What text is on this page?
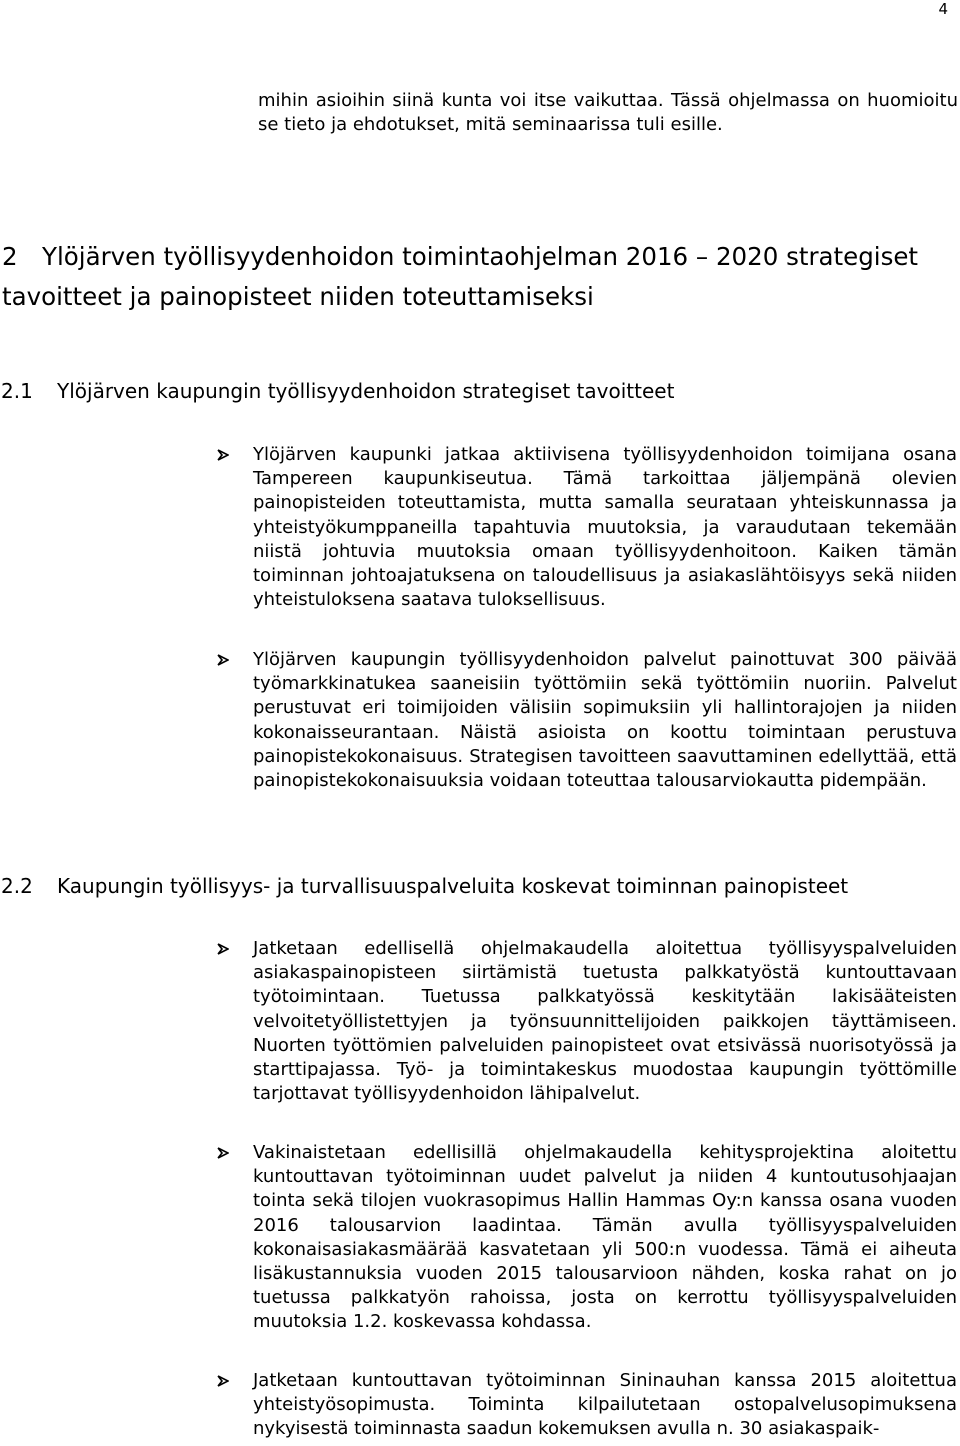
4
mihin asioihin siinä kunta voi itse vaikuttaa. Tässä ohjelmassa on huomioitu se tieto ja ehdotukset, mitä seminaarissa tuli esille.
2 Ylöjärven työllisyydenhoidon toimintaohjelman 2016 – 2020 strategiset tavoitteet ja painopisteet niiden toteuttamiseksi
2.1 Ylöjärven kaupungin työllisyydenhoidon strategiset tavoitteet
Ylöjärven kaupunki jatkaa aktiivisena työllisyydenhoidon toimijana osana Tampereen kaupunkiseutua. Tämä tarkoittaa jäljempänä olevien painopisteiden toteuttamista, mutta samalla seurataan yhteiskunnassa ja yhteistyökumppaneilla tapahtuvia muutoksia, ja varaudutaan tekemään niistä johtuvia muutoksia omaan työllisyydenhoitoon. Kaiken tämän toiminnan johtoajatuksena on taloudellisuus ja asiakaslähtöisyys sekä niiden yhteistuloksena saatava tuloksellisuus.
Ylöjärven kaupungin työllisyydenhoidon palvelut painottuvat 300 päivää työmarkkinatukea saaneisiin työttömiin sekä työttömiin nuoriin. Palvelut perustuvat eri toimijoiden välisiin sopimuksiin yli hallintorajojen ja niiden kokonaisseurantaan. Näistä asioista on koottu toimintaan perustuva painopistekokonaisuus. Strategisen tavoitteen saavuttaminen edellyttää, että painopistekokonaisuuksia voidaan toteuttaa talousarviokautta pidempään.
2.2 Kaupungin työllisyys- ja turvallisuuspalveluita koskevat toiminnan painopisteet
Jatketaan edellisellä ohjelmakaudella aloitettua työllisyyspalveluiden asiakaspainopisteen siirtämistä tuetusta palkkatyöstä kuntouttavaan työtoimintaan. Tuetussa palkkatyössä keskitytään lakisääteisten velvoitetyöllistettyjen ja työnsuunnittelijoiden paikkojen täyttämiseen. Nuorten työttömien palveluiden painopisteet ovat etsivässä nuorisotyössä ja starttipajassa. Työ- ja toimintakeskus muodostaa kaupungin työttömille tarjottavat työllisyydenhoidon lähipalvelut.
Vakinaistetaan edellisillä ohjelmakaudella kehitysprojektina aloitettu kuntouttavan työtoiminnan uudet palvelut ja niiden 4 kuntoutusohjaajan tointa sekä tilojen vuokrasopimus Hallin Hammas Oy:n kanssa osana vuoden 2016 talousarvion laadintaa. Tämän avulla työllisyyspalveluiden kokonaisasiakasmäärää kasvatetaan yli 500:n vuodessa. Tämä ei aiheuta lisäkustannuksia vuoden 2015 talousarvioon nähden, koska rahat on jo tuetussa palkkatyön rahoissa, josta on kerrottu työllisyyspalveluiden muutoksia 1.2. koskevassa kohdassa.
Jatketaan kuntouttavan työtoiminnan Sininauhan kanssa 2015 aloitettua yhteistyösopimusta. Toiminta kilpailutetaan ostopalvelusopimuksena nykyisestä toiminnasta saadun kokemuksen avulla n. 30 asiakaspaik-
